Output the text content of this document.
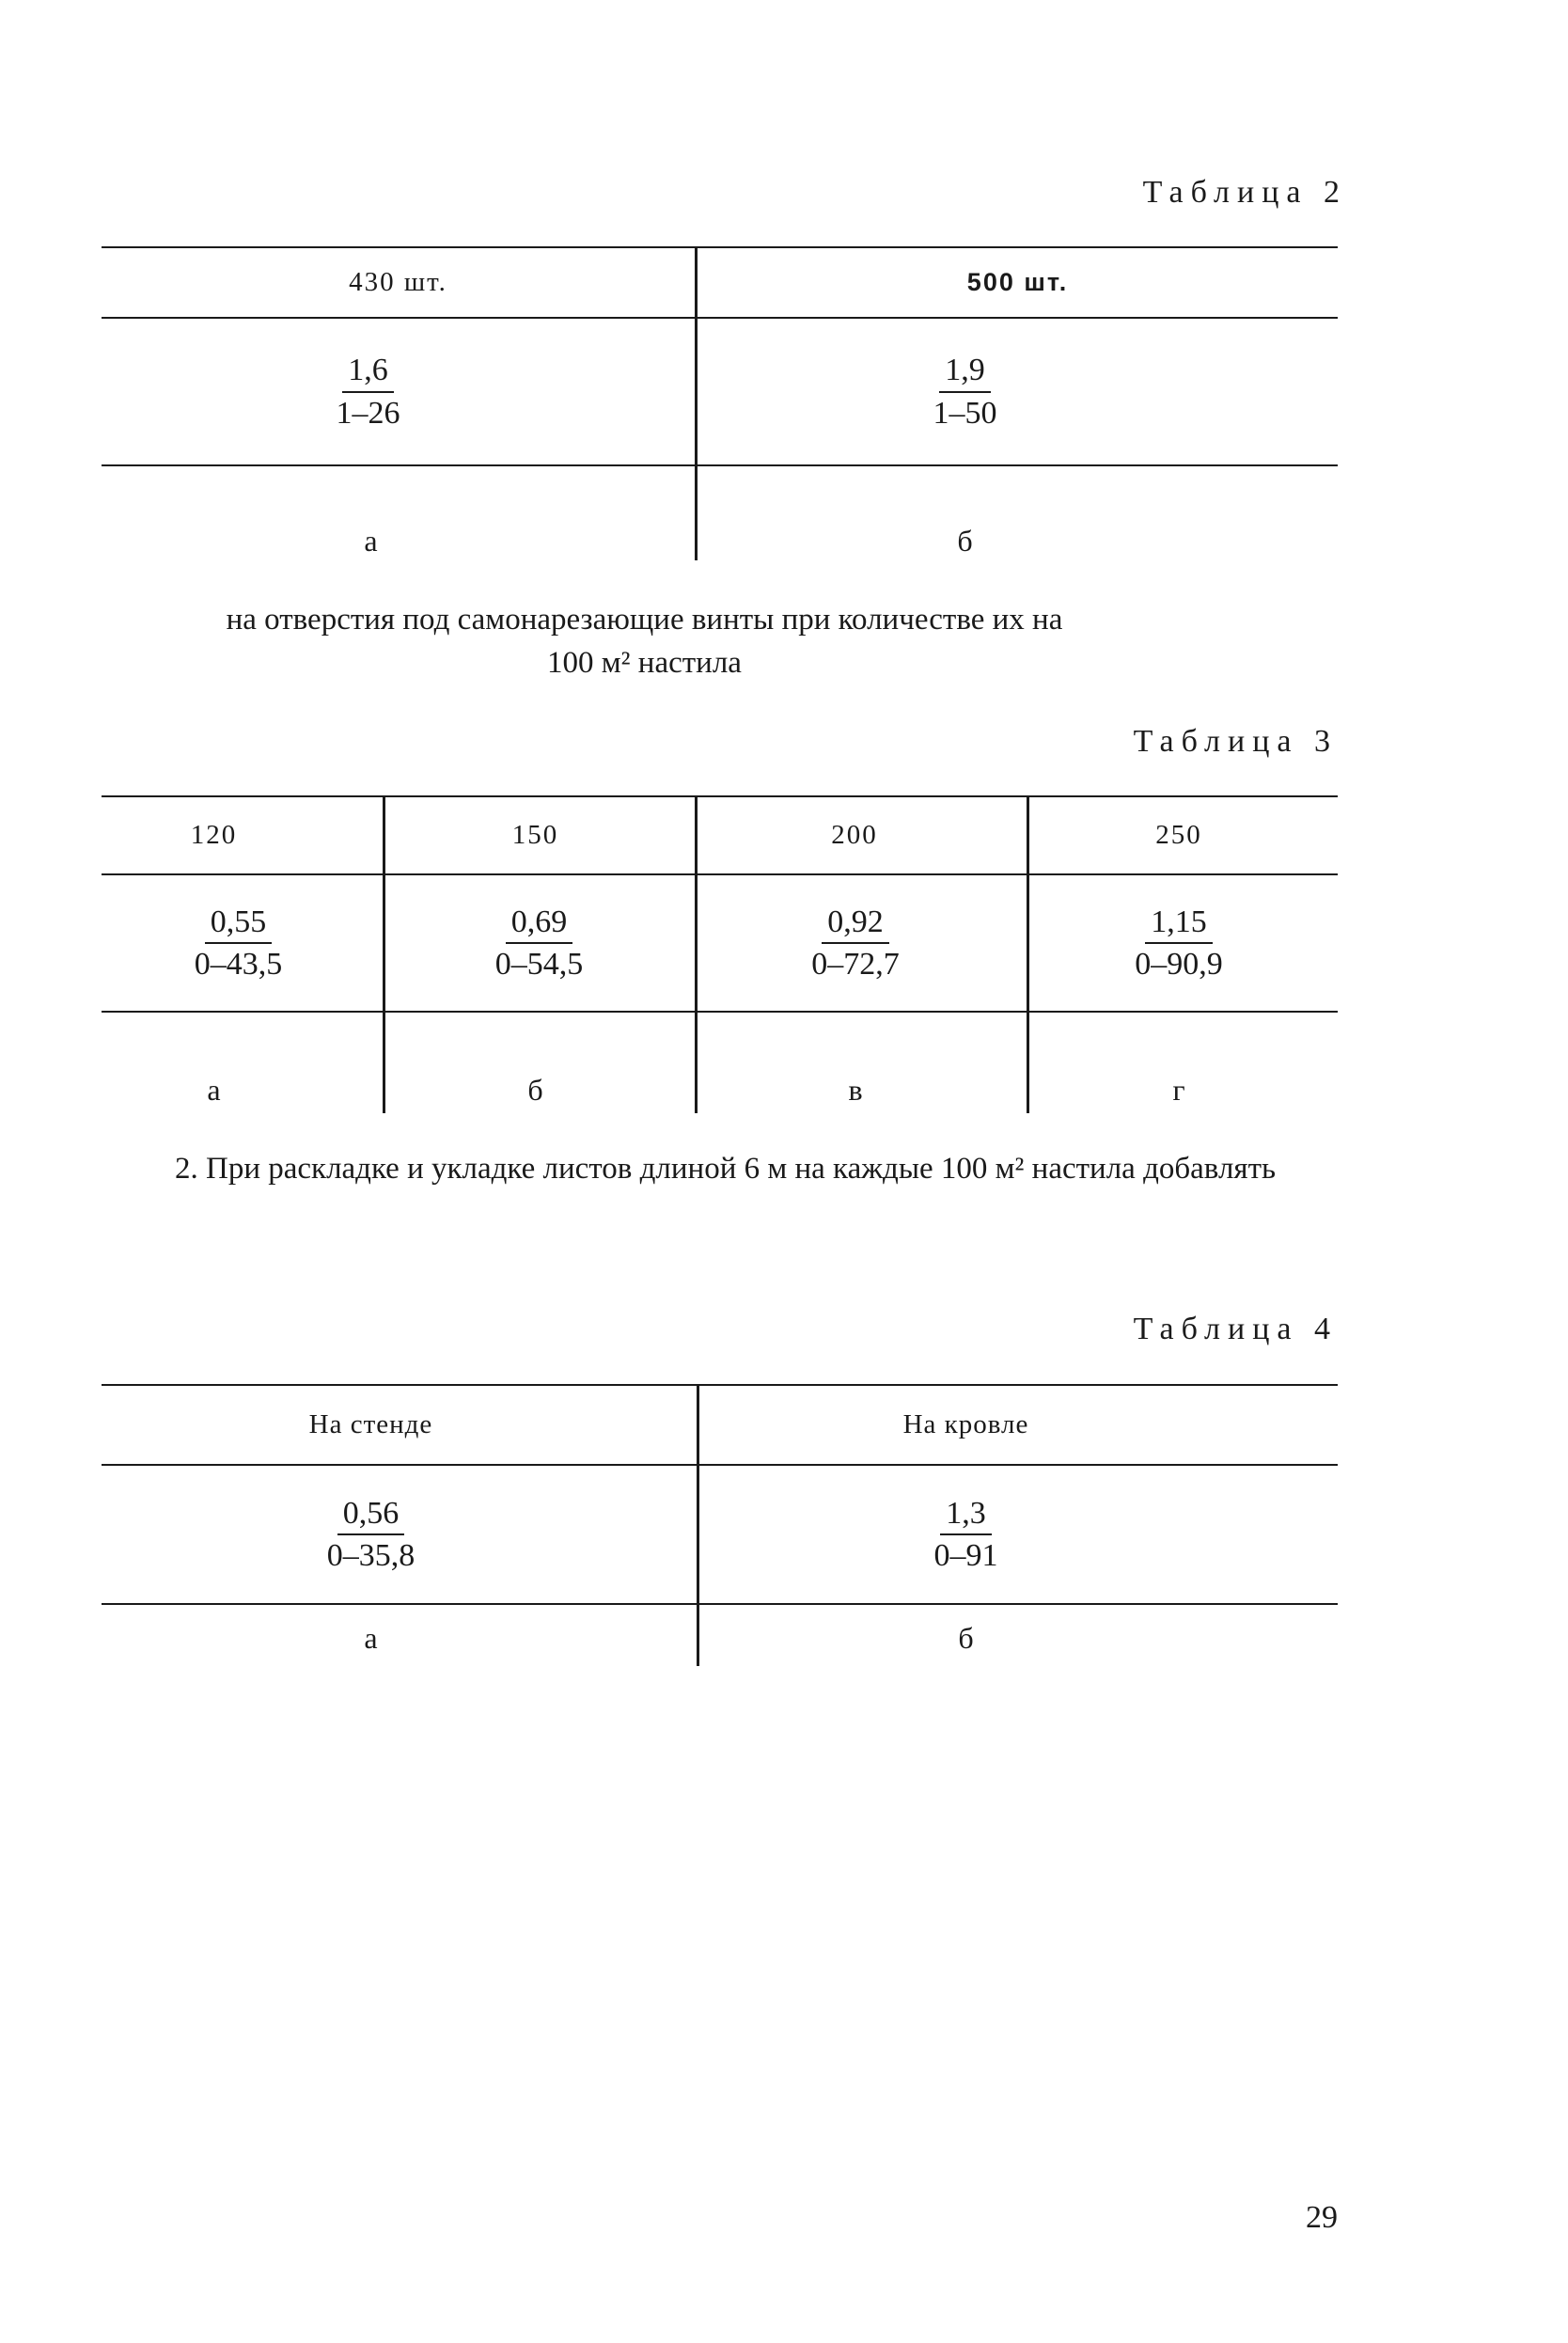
Таблица 2
430 шт.	500 шт.
$\frac{1,6}{1-26}$	$\frac{1,9}{1-50}$
а	б
на отверстия под самонарезающие винты при количестве их на
100 м² настила
Таблица 3
120	150	200	250
$\frac{0,55}{0-43,5}$	$\frac{0,69}{0-54,5}$	$\frac{0,92}{0-72,7}$	$\frac{1,15}{0-90,9}$
а	б	в	г
2. При раскладке и укладке листов длиной 6 м на каждые 100 м² настила добавлять
Таблица 4
На стенде	На кровле
$\frac{0,56}{0-35,8}$	$\frac{1,3}{0-91}$
а	б
29
